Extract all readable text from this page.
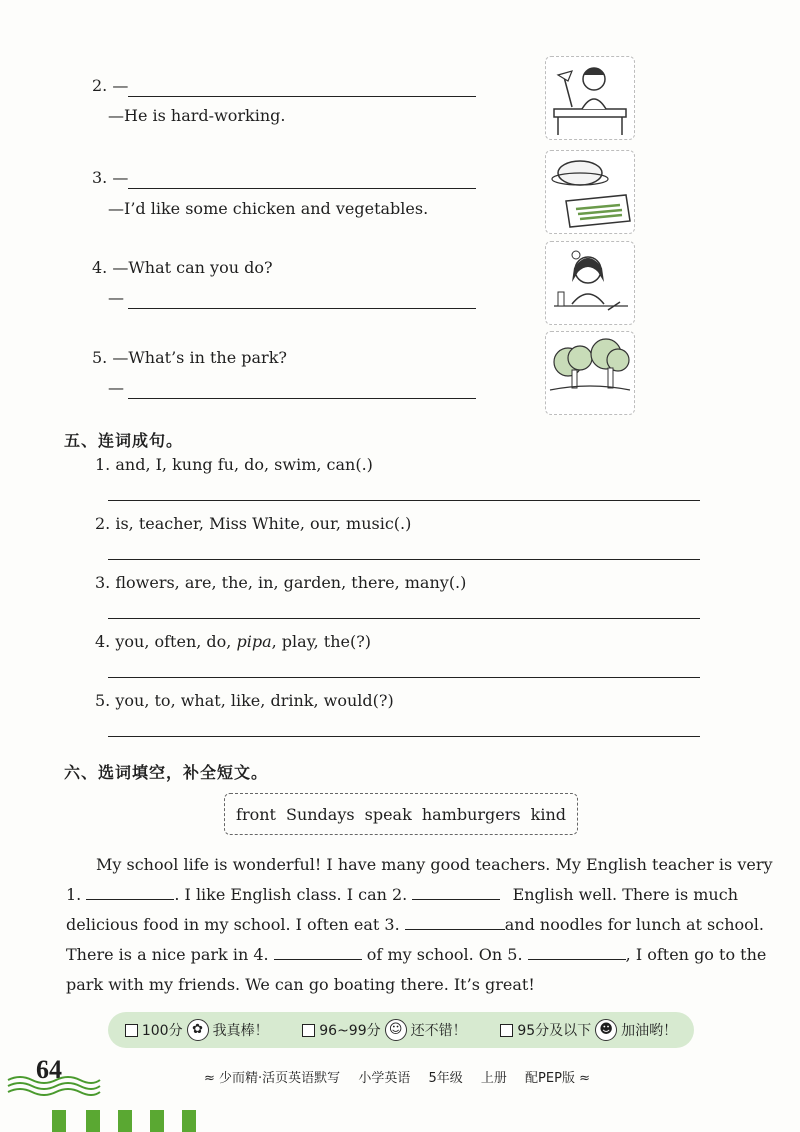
2. —
—He is hard-working.
3. —
—I’d like some chicken and vegetables.
4. —What can you do?
—
5. —What’s in the park?
—
五、连词成句。
1. and, I, kung fu, do, swim, can(.)
2. is, teacher, Miss White, our, music(.)
3. flowers, are, the, in, garden, there, many(.)
4. you, often, do, pipa, play, the(?)
5. you, to, what, like, drink, would(?)
六、选词填空，补全短文。
front Sundays speak hamburgers kind
My school life is wonderful! I have many good teachers. My English teacher is very
1.	. I like English class. I can 2.	English well. There is much
delicious food in my school. I often eat 3.	and noodles for lunch at school.
There is a nice park in 4.	of my school. On 5.	, I often go to the
park with my friends. We can go boating there. It’s great!
100分 ✿ 我真棒！	96~99分 ☺ 还不错！	95分及以下 ☻ 加油哟！
64	≈ 少而精·活页英语默写 小学英语 5年级 上册 配PEP版 ≈
